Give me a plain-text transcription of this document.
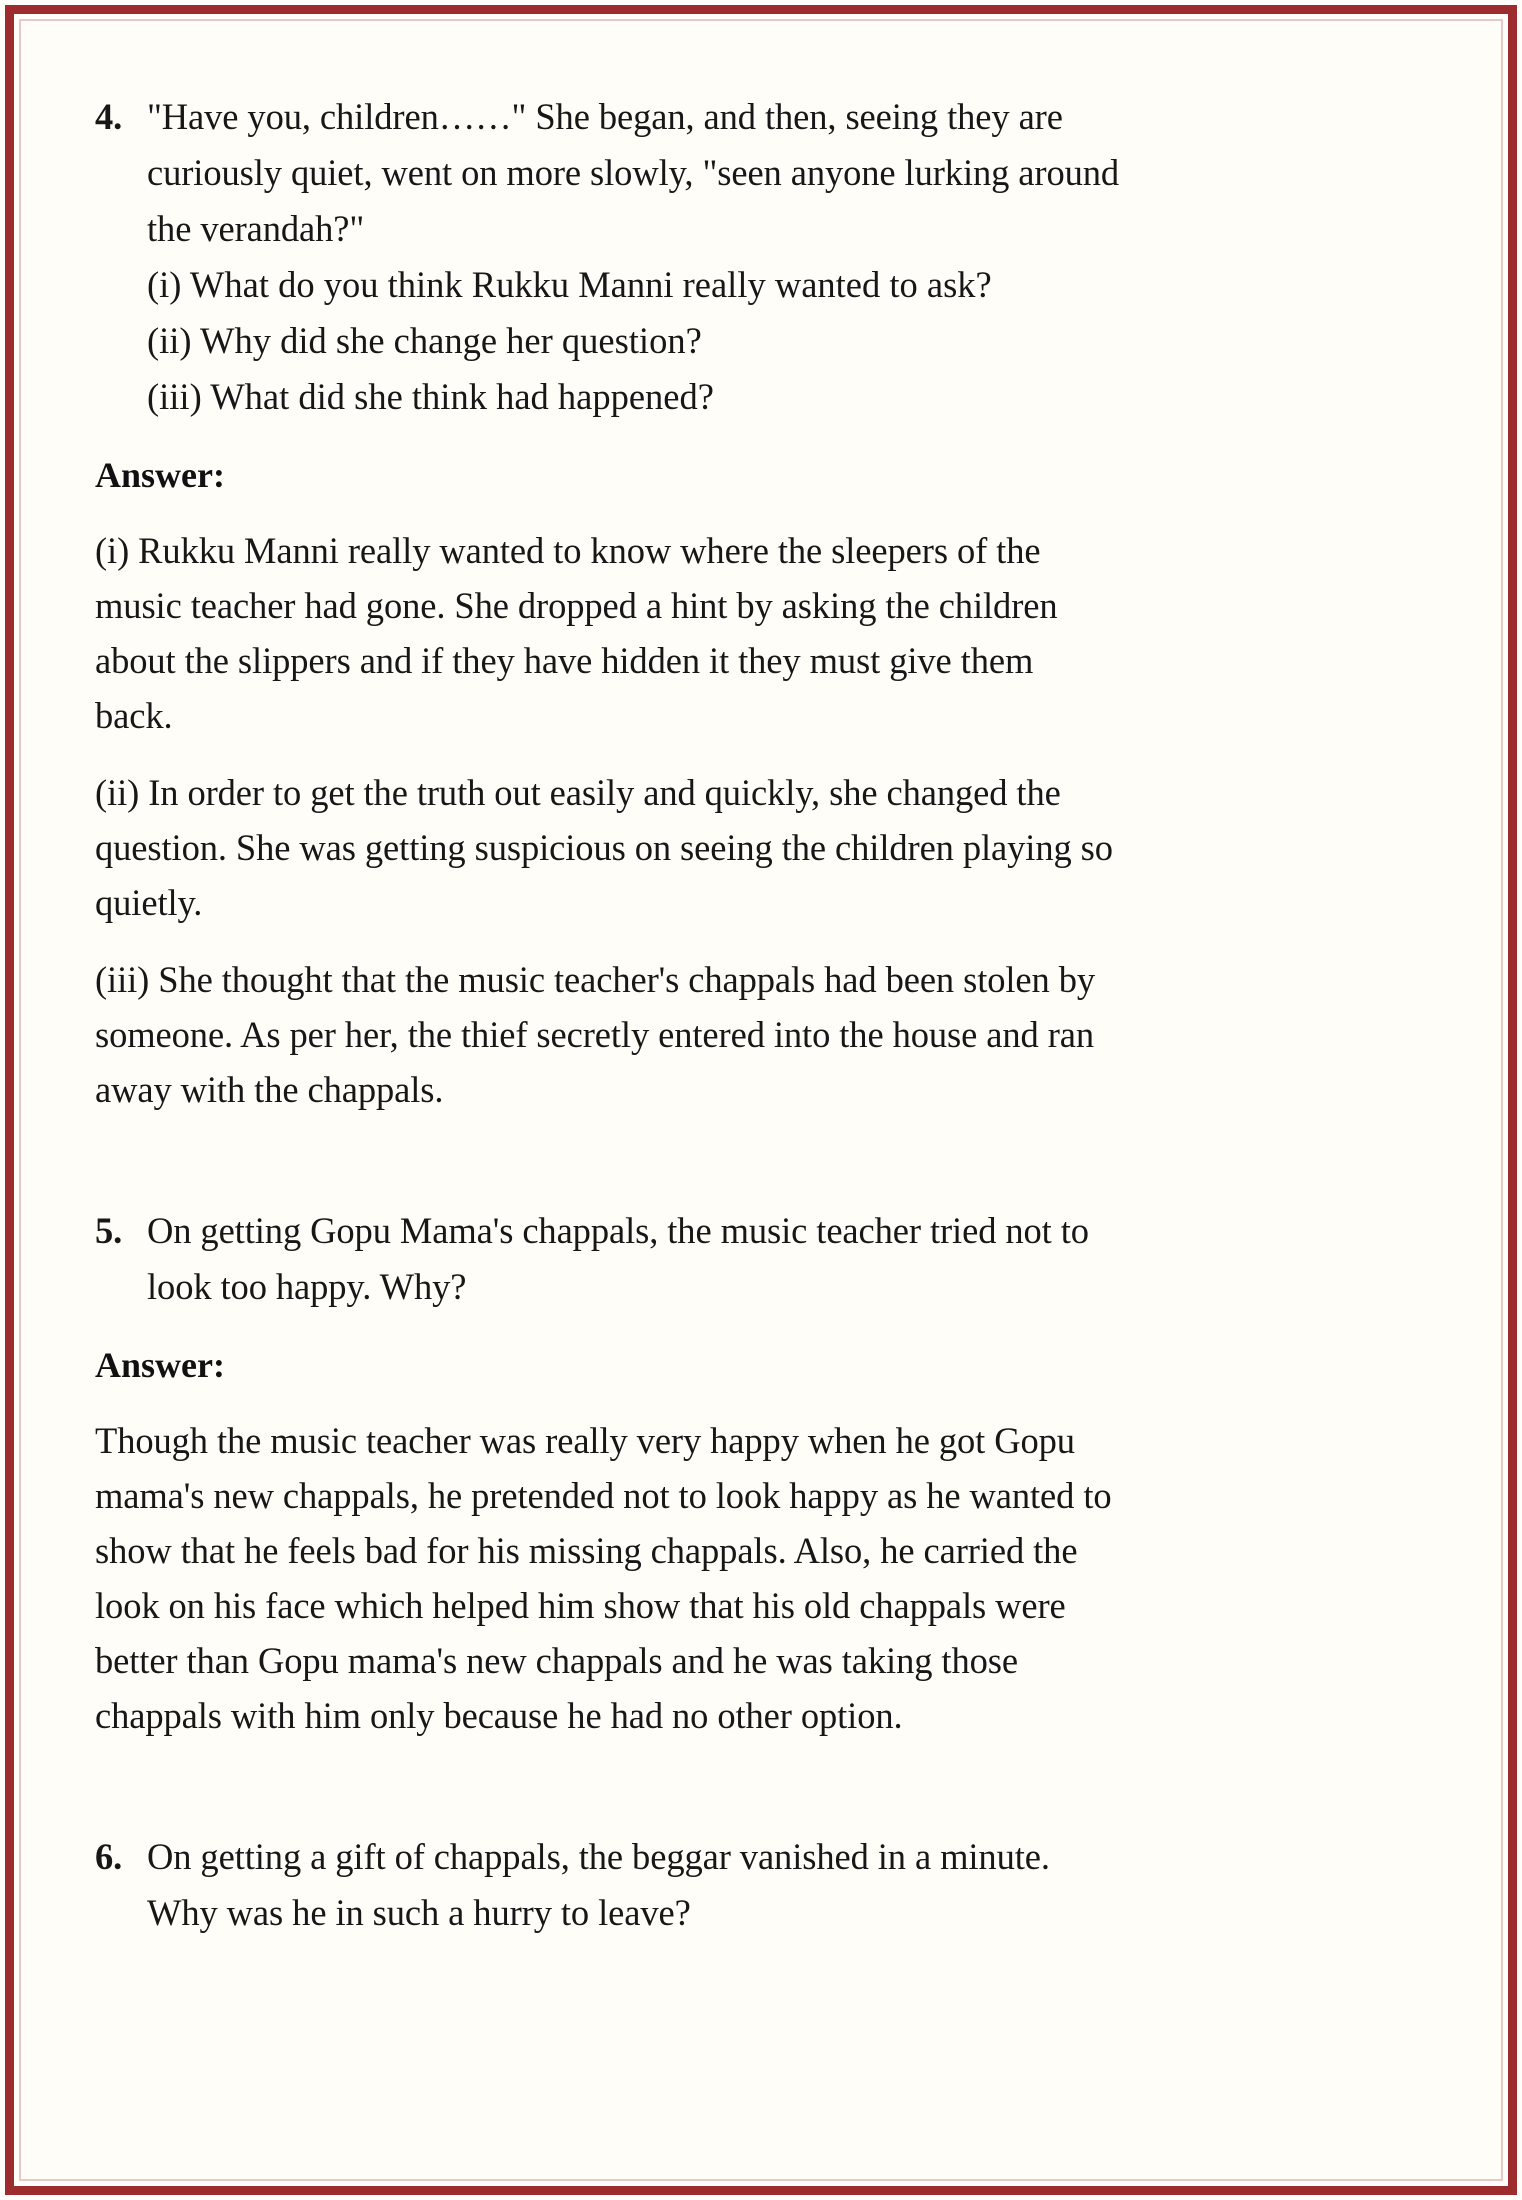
4. "Have you, children……" She began, and then, seeing they are
curiously quiet, went on more slowly, "seen anyone lurking around
the verandah?"
(i) What do you think Rukku Manni really wanted to ask?
(ii) Why did she change her question?
(iii) What did she think had happened?
Answer:
(i) Rukku Manni really wanted to know where the sleepers of the
music teacher had gone. She dropped a hint by asking the children
about the slippers and if they have hidden it they must give them
back.
(ii) In order to get the truth out easily and quickly, she changed the
question. She was getting suspicious on seeing the children playing so
quietly.
(iii) She thought that the music teacher's chappals had been stolen by
someone. As per her, the thief secretly entered into the house and ran
away with the chappals.
5. On getting Gopu Mama's chappals, the music teacher tried not to
look too happy. Why?
Answer:
Though the music teacher was really very happy when he got Gopu
mama's new chappals, he pretended not to look happy as he wanted to
show that he feels bad for his missing chappals. Also, he carried the
look on his face which helped him show that his old chappals were
better than Gopu mama's new chappals and he was taking those
chappals with him only because he had no other option.
6. On getting a gift of chappals, the beggar vanished in a minute.
Why was he in such a hurry to leave?
